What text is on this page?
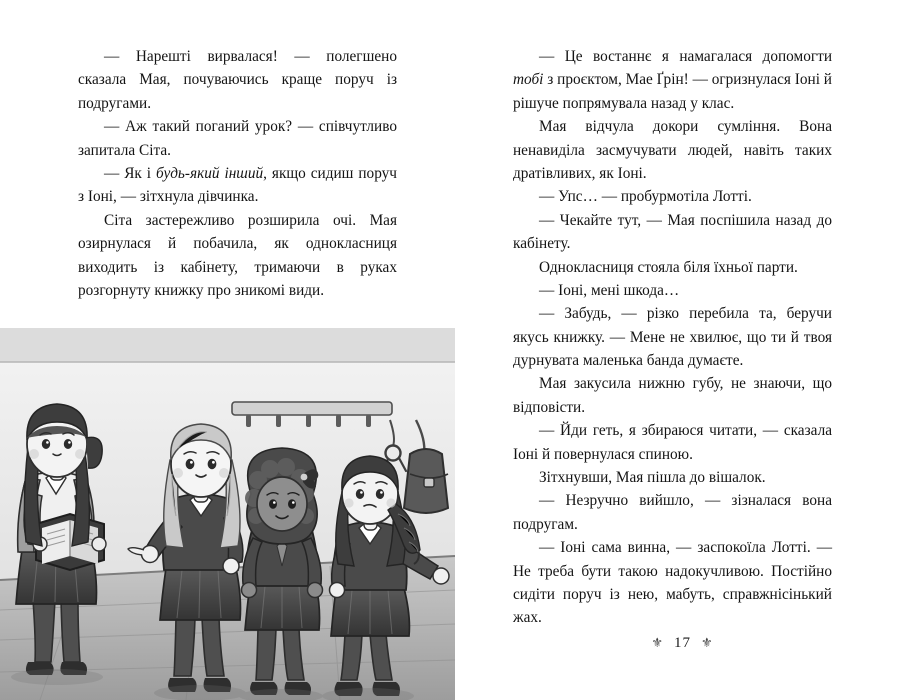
— Нарешті вирвалася! — полегшено сказала Мая, почуваючись краще поруч із подругами.

— Аж такий поганий урок? — співчутливо запитала Сіта.

— Як і будь-який інший, якщо сидиш поруч з Іоні, — зітхнула дівчинка.

Сіта застережливо розширила очі. Мая озирнулася й побачила, як однокласниця виходить із кабінету, тримаючи в руках розгорнуту книжку про зникомі види.

— Це востаннє я намагалася допомогти тобі з проєктом, Мае Ґрін! — огризнулася Іоні й рішуче попрямувала назад у клас.

Мая відчула докори сумління. Вона ненавиділа засмучувати людей, навіть таких дратівливих, як Іоні.

— Упс… — пробурмотіла Лотті.

— Чекайте тут, — Мая поспішила назад до кабінету.

Однокласниця стояла біля їхньої парти.

— Іоні, мені шкода…

— Забудь, — різко перебила та, беручи якусь книжку. — Мене не хвилює, що ти й твоя дурнувата маленька банда думаєте.

Мая закусила нижню губу, не знаючи, що відповісти.

— Йди геть, я збираюся читати, — сказала Іоні й повернулася спиною.

Зітхнувши, Мая пішла до вішалок.

— Незручно вийшло, — зізналася вона подругам.

— Іоні сама винна, — заспокоїла Лотті. — Не треба бути такою надокучливою. Постійно сидіти поруч із нею, мабуть, справжнісінький жах.

⚜ 17 ⚜
